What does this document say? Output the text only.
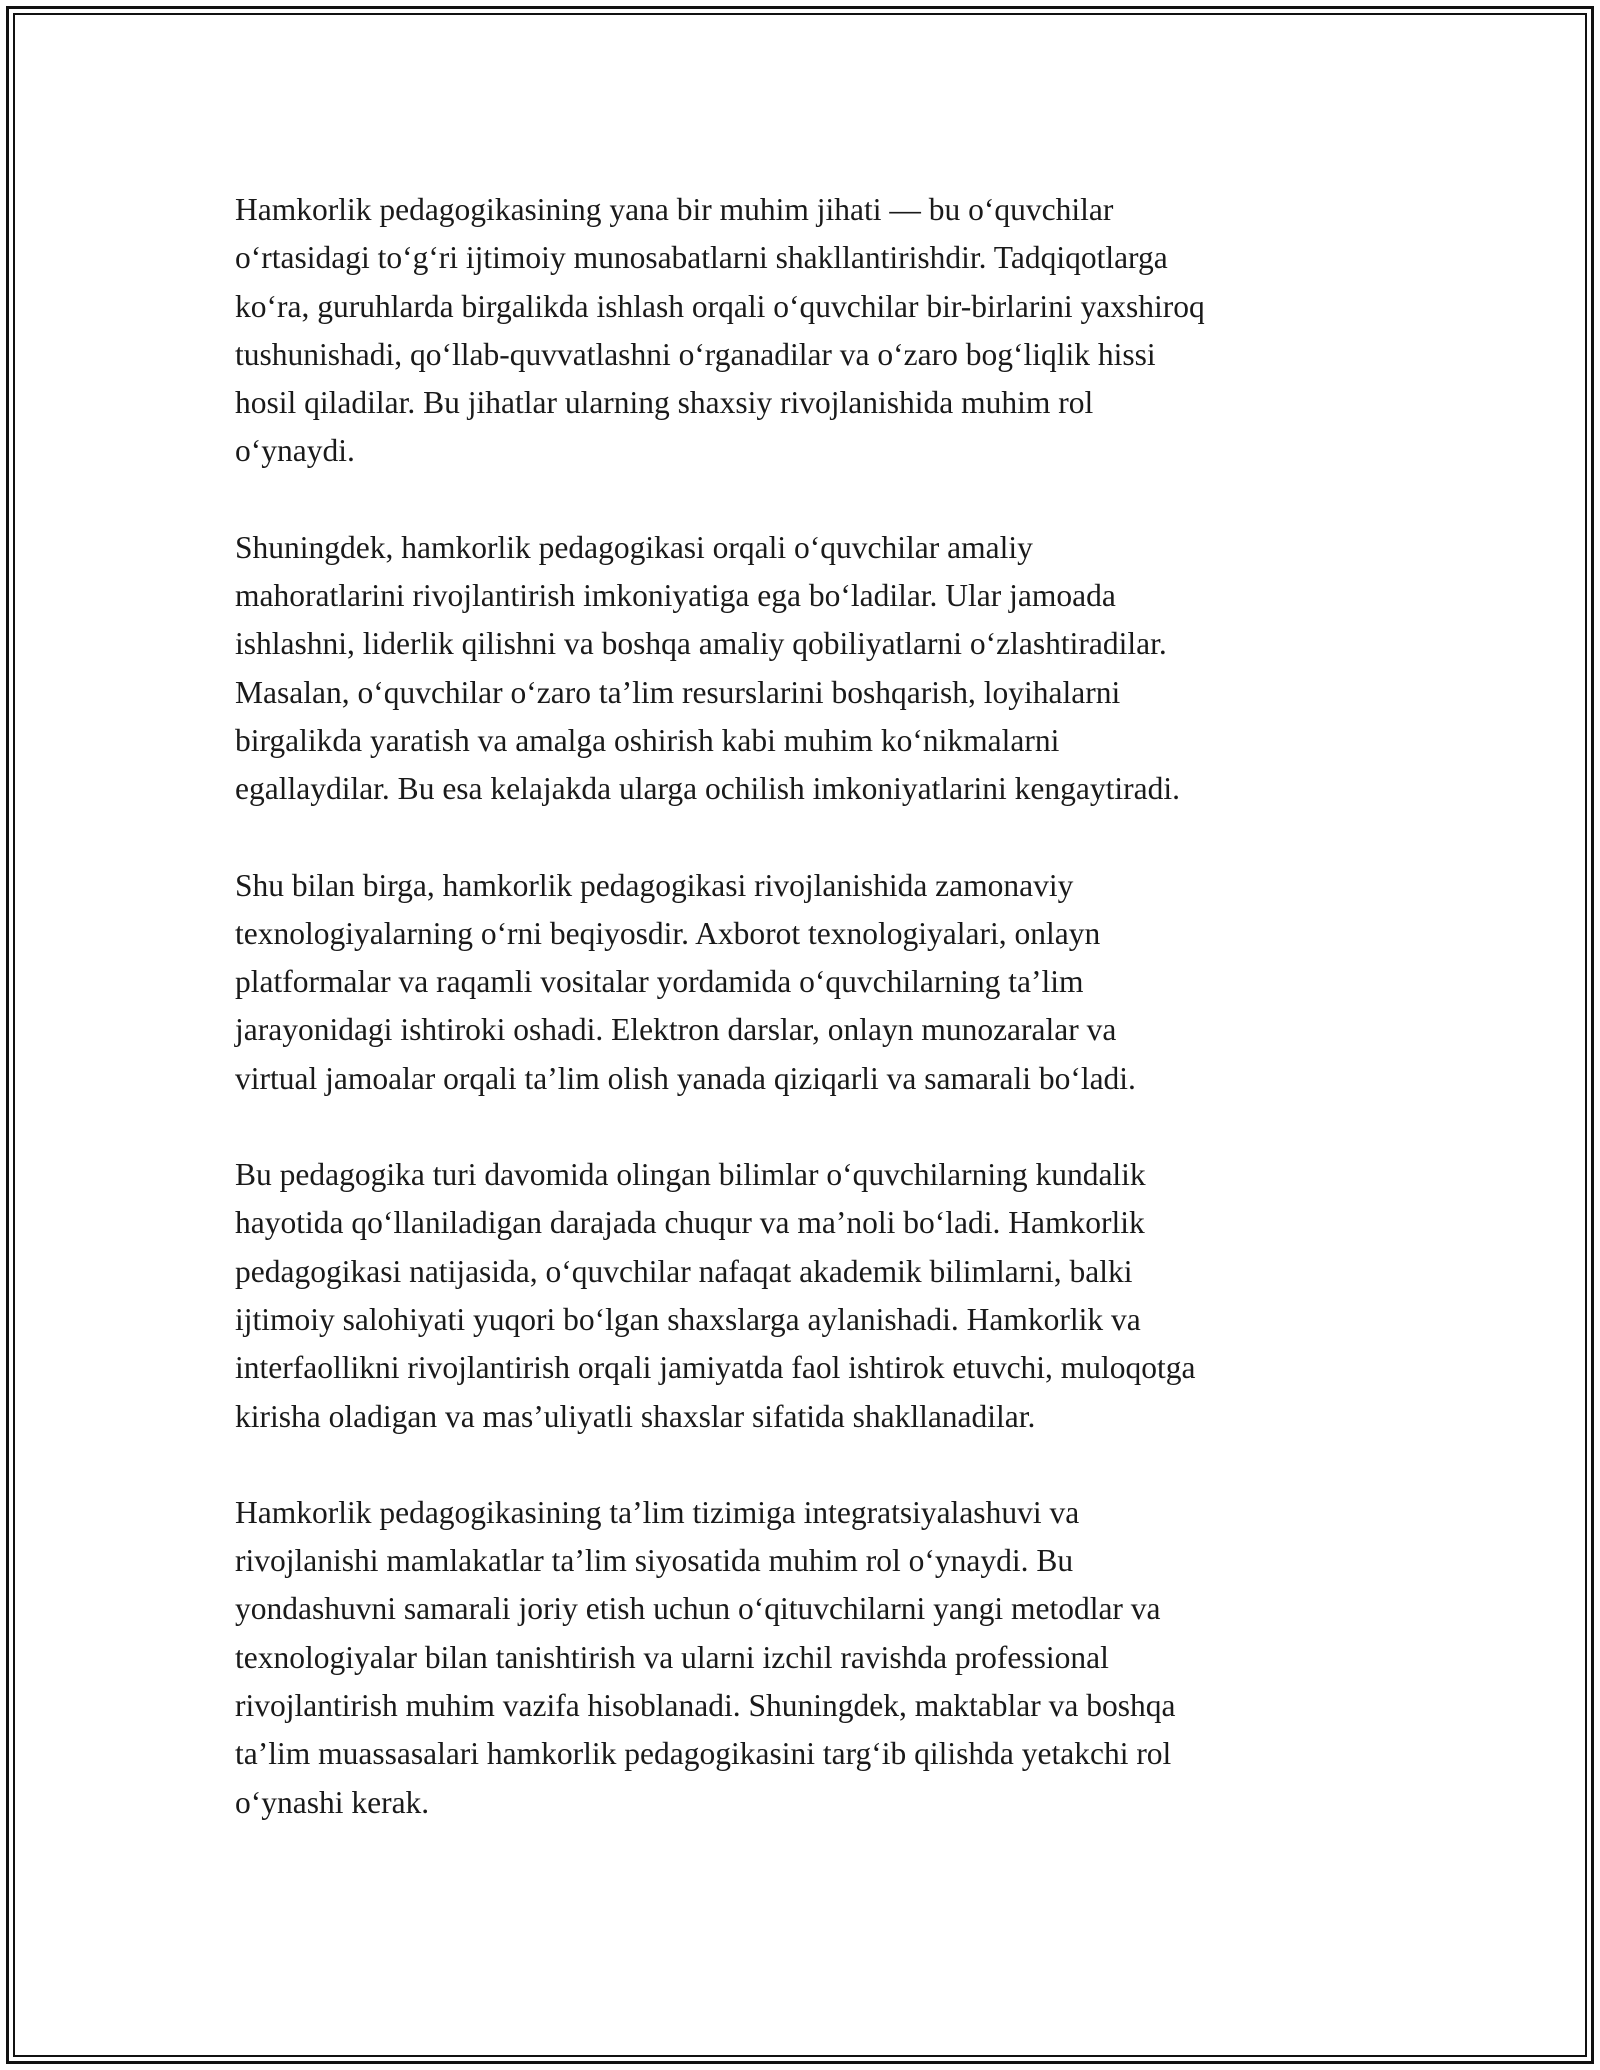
Hamkorlik pedagogikasining yana bir muhim jihati — bu o‘quvchilar
o‘rtasidagi to‘g‘ri ijtimoiy munosabatlarni shakllantirishdir. Tadqiqotlarga
ko‘ra, guruhlarda birgalikda ishlash orqali o‘quvchilar bir-birlarini yaxshiroq
tushunishadi, qo‘llab-quvvatlashni o‘rganadilar va o‘zaro bog‘liqlik hissi
hosil qiladilar. Bu jihatlar ularning shaxsiy rivojlanishida muhim rol
o‘ynaydi.

Shuningdek, hamkorlik pedagogikasi orqali o‘quvchilar amaliy
mahoratlarini rivojlantirish imkoniyatiga ega bo‘ladilar. Ular jamoada
ishlashni, liderlik qilishni va boshqa amaliy qobiliyatlarni o‘zlashtiradilar.
Masalan, o‘quvchilar o‘zaro ta’lim resurslarini boshqarish, loyihalarni
birgalikda yaratish va amalga oshirish kabi muhim ko‘nikmalarni
egallaydilar. Bu esa kelajakda ularga ochilish imkoniyatlarini kengaytiradi.

Shu bilan birga, hamkorlik pedagogikasi rivojlanishida zamonaviy
texnologiyalarning o‘rni beqiyosdir. Axborot texnologiyalari, onlayn
platformalar va raqamli vositalar yordamida o‘quvchilarning ta’lim
jarayonidagi ishtiroki oshadi. Elektron darslar, onlayn munozaralar va
virtual jamoalar orqali ta’lim olish yanada qiziqarli va samarali bo‘ladi.

Bu pedagogika turi davomida olingan bilimlar o‘quvchilarning kundalik
hayotida qo‘llaniladigan darajada chuqur va ma’noli bo‘ladi. Hamkorlik
pedagogikasi natijasida, o‘quvchilar nafaqat akademik bilimlarni, balki
ijtimoiy salohiyati yuqori bo‘lgan shaxslarga aylanishadi. Hamkorlik va
interfaollikni rivojlantirish orqali jamiyatda faol ishtirok etuvchi, muloqotga
kirisha oladigan va mas’uliyatli shaxslar sifatida shakllanadilar.

Hamkorlik pedagogikasining ta’lim tizimiga integratsiyalashuvi va
rivojlanishi mamlakatlar ta’lim siyosatida muhim rol o‘ynaydi. Bu
yondashuvni samarali joriy etish uchun o‘qituvchilarni yangi metodlar va
texnologiyalar bilan tanishtirish va ularni izchil ravishda professional
rivojlantirish muhim vazifa hisoblanadi. Shuningdek, maktablar va boshqa
ta’lim muassasalari hamkorlik pedagogikasini targ‘ib qilishda yetakchi rol
o‘ynashi kerak.
